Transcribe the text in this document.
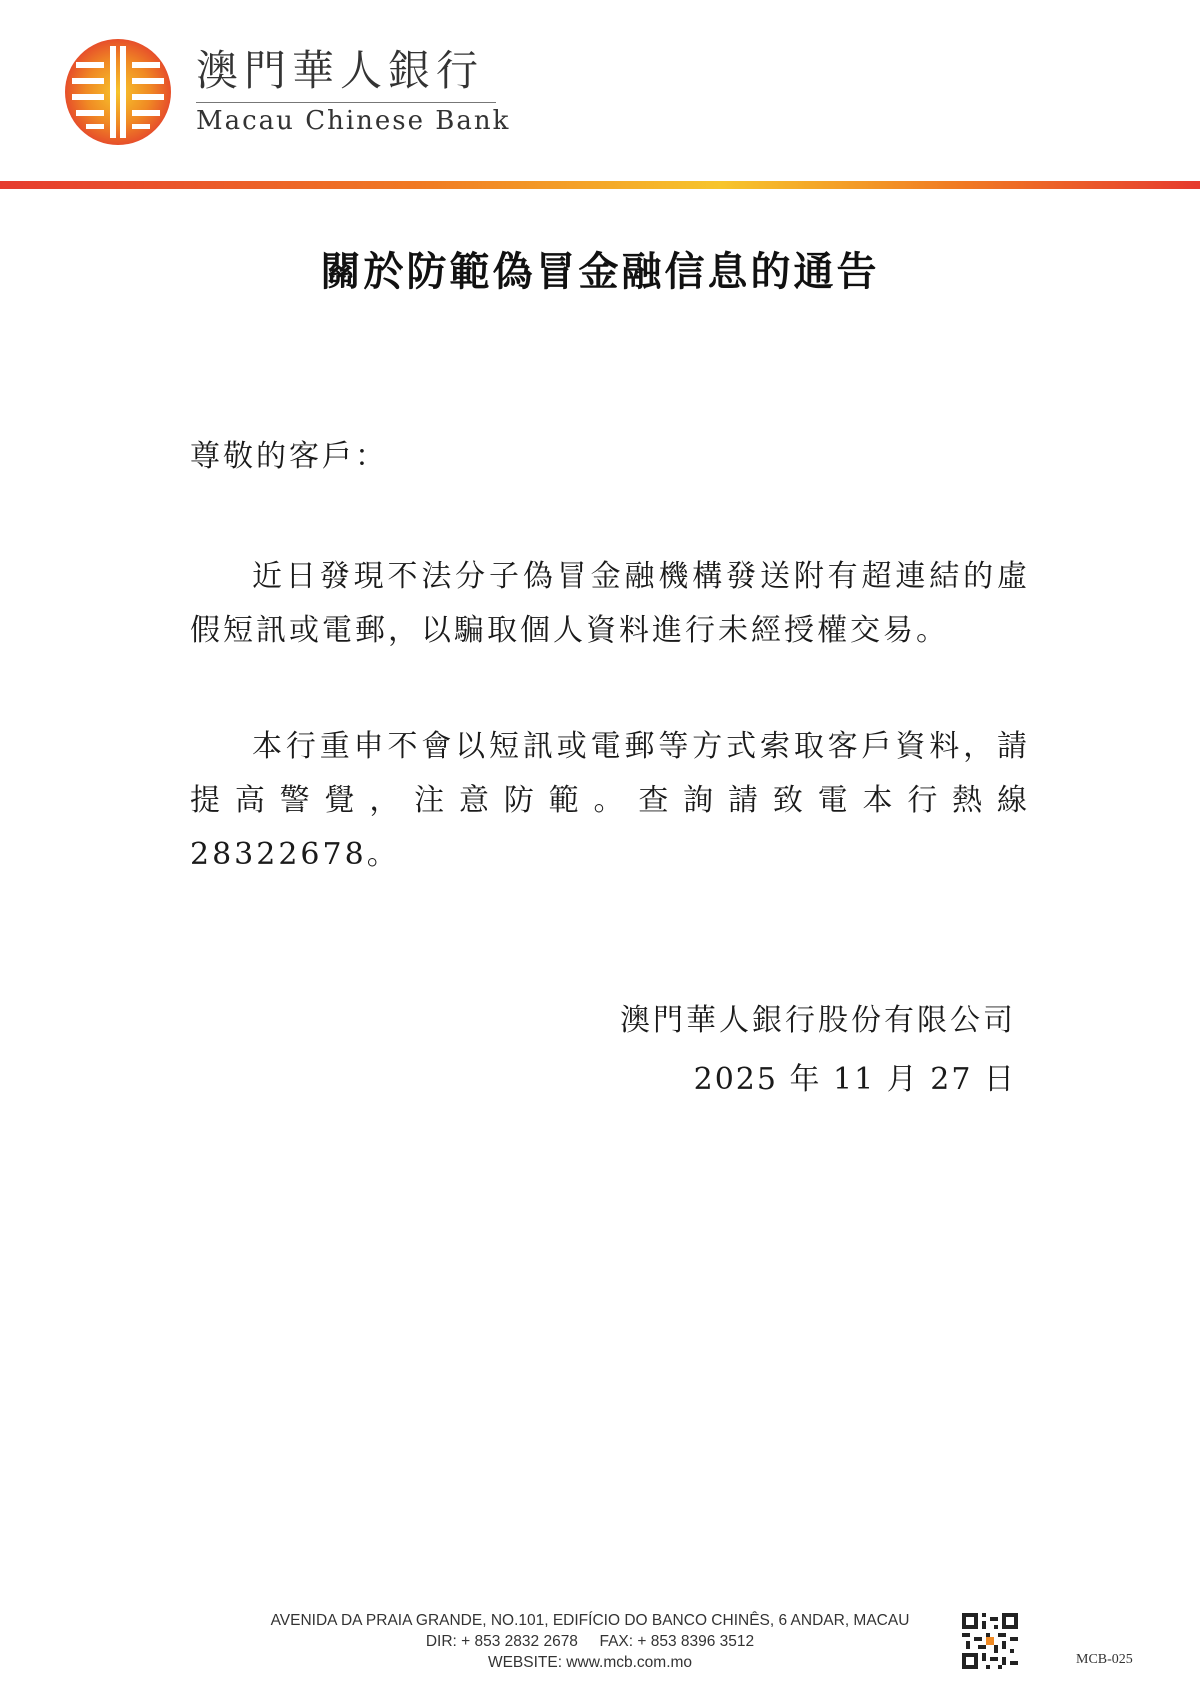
澳門華人銀行
Macau Chinese Bank
關於防範偽冒金融信息的通告
尊敬的客戶：
近日發現不法分子偽冒金融機構發送附有超連結的虛假短訊或電郵，以騙取個人資料進行未經授權交易。
本行重申不會以短訊或電郵等方式索取客戶資料，請提高警覺，注意防範。查詢請致電本行熱線 28322678。
澳門華人銀行股份有限公司
2025 年 11 月 27 日
AVENIDA DA PRAIA GRANDE, NO.101, EDIFÍCIO DO BANCO CHINÊS, 6 ANDAR, MACAU
DIR: + 853 2832 2678     FAX: + 853 8396 3512
WEBSITE: www.mcb.com.mo	MCB-025
